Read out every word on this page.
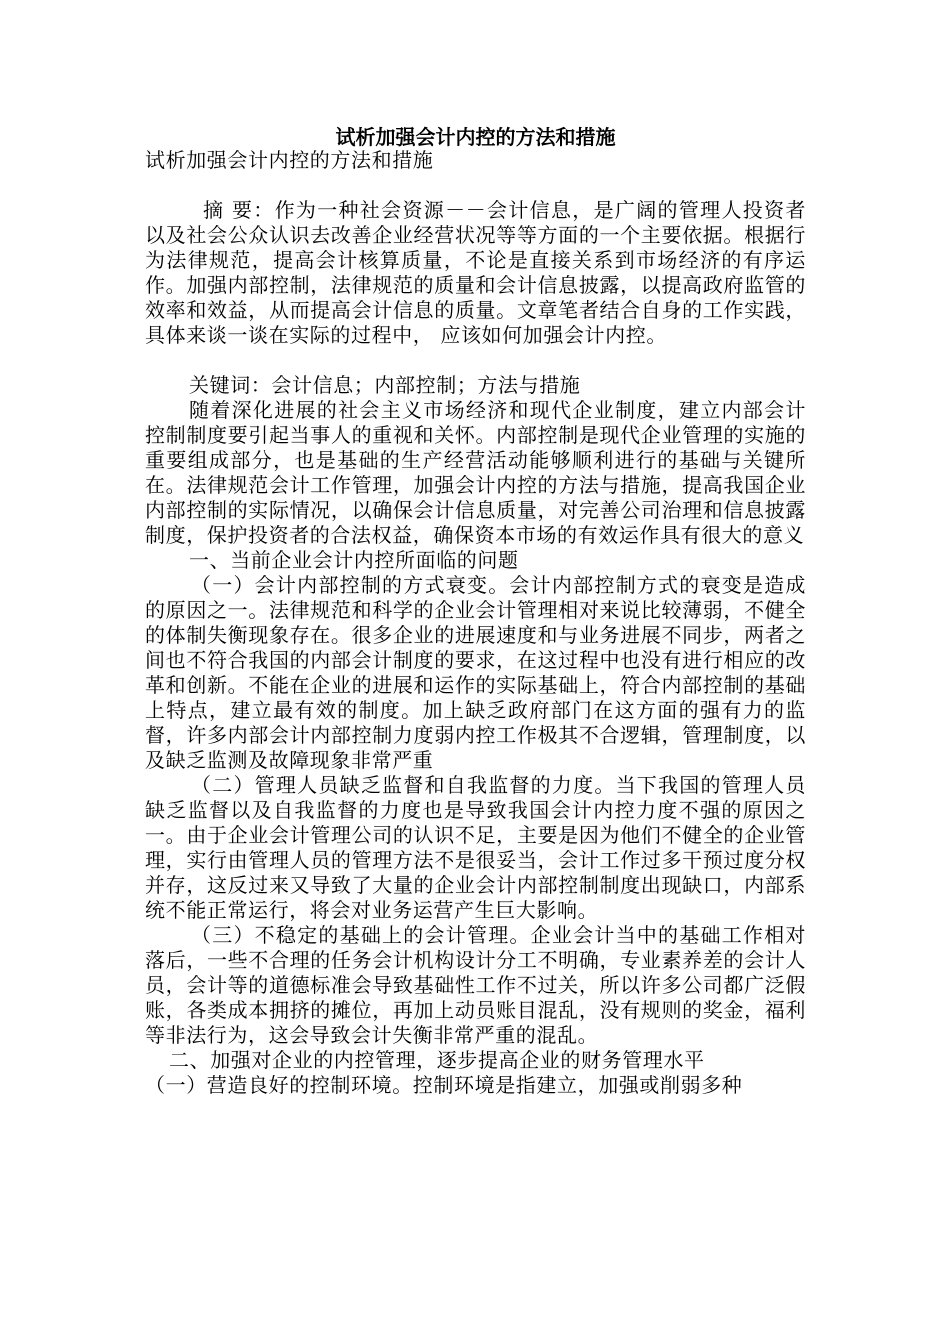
试析加强会计内控的方法和措施

试析加强会计内控的方法和措施

摘 要：作为一种社会资源－－会计信息，是广阔的管理人投资者以及社会公众认识去改善企业经营状况等等方面的一个主要依据。根据行为法律规范，提高会计核算质量，不论是直接关系到市场经济的有序运作。加强内部控制，法律规范的质量和会计信息披露，以提高政府监管的效率和效益，从而提高会计信息的质量。文章笔者结合自身的工作实践，具体来谈一谈在实际的过程中， 应该如何加强会计内控。

关键词：会计信息；内部控制；方法与措施

随着深化进展的社会主义市场经济和现代企业制度，建立内部会计控制制度要引起当事人的重视和关怀。内部控制是现代企业管理的实施的重要组成部分，也是基础的生产经营活动能够顺利进行的基础与关键所在。法律规范会计工作管理，加强会计内控的方法与措施，提高我国企业内部控制的实际情况，以确保会计信息质量，对完善公司治理和信息披露制度，保护投资者的合法权益，确保资本市场的有效运作具有很大的意义

一、当前企业会计内控所面临的问题

（一）会计内部控制的方式衰变。会计内部控制方式的衰变是造成的原因之一。法律规范和科学的企业会计管理相对来说比较薄弱，不健全的体制失衡现象存在。很多企业的进展速度和与业务进展不同步，两者之间也不符合我国的内部会计制度的要求，在这过程中也没有进行相应的改革和创新。不能在企业的进展和运作的实际基础上，符合内部控制的基础上特点，建立最有效的制度。加上缺乏政府部门在这方面的强有力的监督，许多内部会计内部控制力度弱内控工作极其不合逻辑，管理制度，以及缺乏监测及故障现象非常严重

（二）管理人员缺乏监督和自我监督的力度。当下我国的管理人员缺乏监督以及自我监督的力度也是导致我国会计内控力度不强的原因之一。由于企业会计管理公司的认识不足，主要是因为他们不健全的企业管理，实行由管理人员的管理方法不是很妥当，会计工作过多干预过度分权并存，这反过来又导致了大量的企业会计内部控制制度出现缺口，内部系统不能正常运行，将会对业务运营产生巨大影响。

（三）不稳定的基础上的会计管理。企业会计当中的基础工作相对落后，一些不合理的任务会计机构设计分工不明确，专业素养差的会计人员，会计等的道德标准会导致基础性工作不过关，所以许多公司都广泛假账，各类成本拥挤的摊位，再加上动员账目混乱，没有规则的奖金，福利等非法行为，这会导致会计失衡非常严重的混乱。

二、加强对企业的内控管理，逐步提高企业的财务管理水平

（一）营造良好的控制环境。控制环境是指建立，加强或削弱多种
